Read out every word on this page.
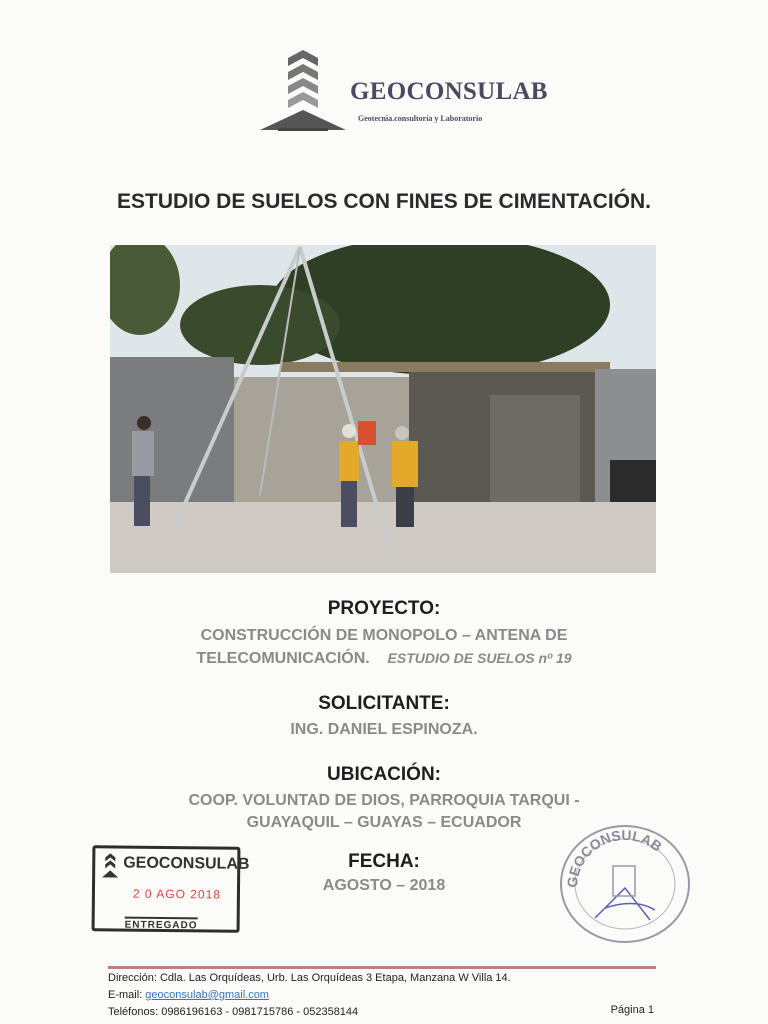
GEOCONSULAB
Geotecnia.consultoría y Laboratorio
ESTUDIO DE SUELOS CON FINES DE CIMENTACIÓN.
PROYECTO:
CONSTRUCCIÓN DE MONOPOLO – ANTENA DE
TELECOMUNICACIÓN. ESTUDIO DE SUELOS nº 19
SOLICITANTE:
ING. DANIEL ESPINOZA.
UBICACIÓN:
COOP. VOLUNTAD DE DIOS, PARROQUIA TARQUI -
GUAYAQUIL – GUAYAS – ECUADOR
FECHA:
AGOSTO – 2018
GEOCONSULAB
2 0 AGO 2018
ENTREGADO
GEOCONSULAB
Dirección: Cdla. Las Orquídeas, Urb. Las Orquídeas 3 Etapa, Manzana W Villa 14.
E-mail: geoconsulab@gmail.com
Teléfonos: 0986196163 - 0981715786 - 052358144	Página 1
